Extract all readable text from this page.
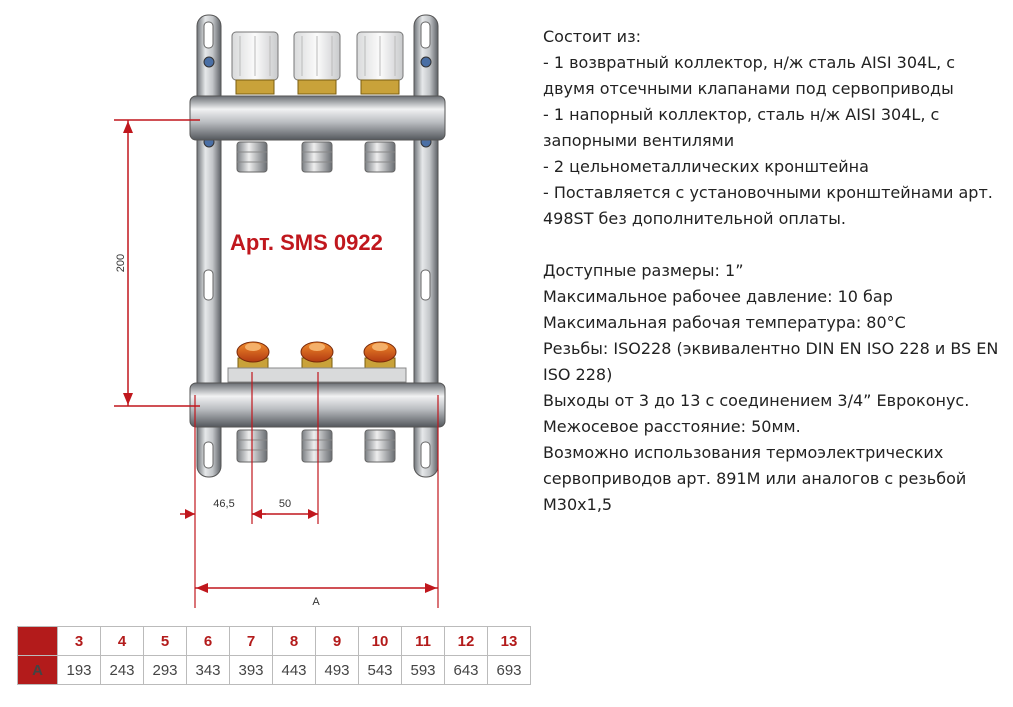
Арт. SMS 0922
200
46,5	50
A

Состоит из:

- 1 возвратный коллектор, н/ж сталь AISI 304L, с двумя отсечными клапанами под сервоприводы

- 1 напорный коллектор, сталь н/ж AISI 304L, с запорными вентилями

- 2 цельнометаллических кронштейна

- Поставляется с установочными кронштейнами арт. 498ST без дополнительной оплаты.

Доступные размеры: 1”

Максимальное рабочее давление: 10 бар

Максимальная рабочая температура: 80°C

Резьбы: ISO228 (эквивалентно DIN EN ISO 228 и BS EN ISO 228)

Выходы от 3 до 13 с соединением 3/4” Евроконус.

Межосевое расстояние: 50мм.

Возможно использования термоэлектрических сервоприводов арт. 891M или аналогов с резьбой M30x1,5

	3	4	5	6	7	8	9	10	11	12	13
A	193	243	293	343	393	443	493	543	593	643	693
